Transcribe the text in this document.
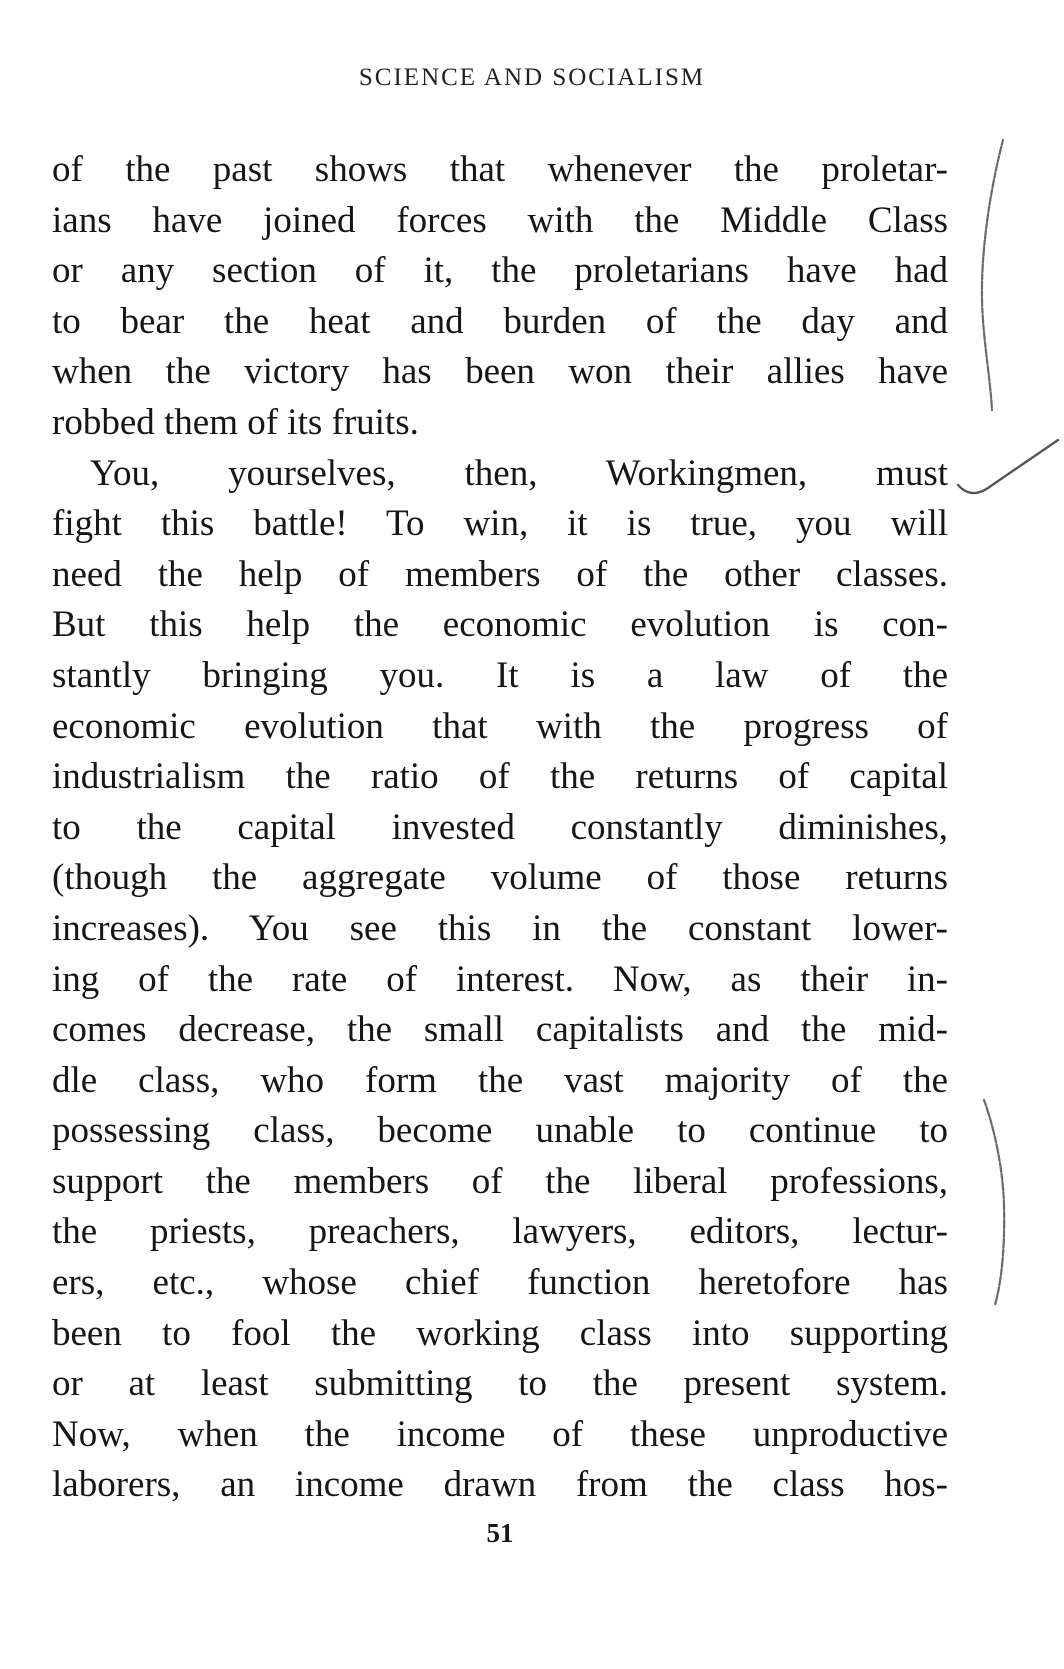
SCIENCE AND SOCIALISM
of the past shows that whenever the proletar-
ians have joined forces with the Middle Class
or any section of it, the proletarians have had
to bear the heat and burden of the day and
when the victory has been won their allies have
robbed them of its fruits.
You, yourselves, then, Workingmen, must
fight this battle! To win, it is true, you will
need the help of members of the other classes.
But this help the economic evolution is con-
stantly bringing you. It is a law of the
economic evolution that with the progress of
industrialism the ratio of the returns of capital
to the capital invested constantly diminishes,
(though the aggregate volume of those returns
increases). You see this in the constant lower-
ing of the rate of interest. Now, as their in-
comes decrease, the small capitalists and the mid-
dle class, who form the vast majority of the
possessing class, become unable to continue to
support the members of the liberal professions,
the priests, preachers, lawyers, editors, lectur-
ers, etc., whose chief function heretofore has
been to fool the working class into supporting
or at least submitting to the present system.
Now, when the income of these unproductive
laborers, an income drawn from the class hos-
51
